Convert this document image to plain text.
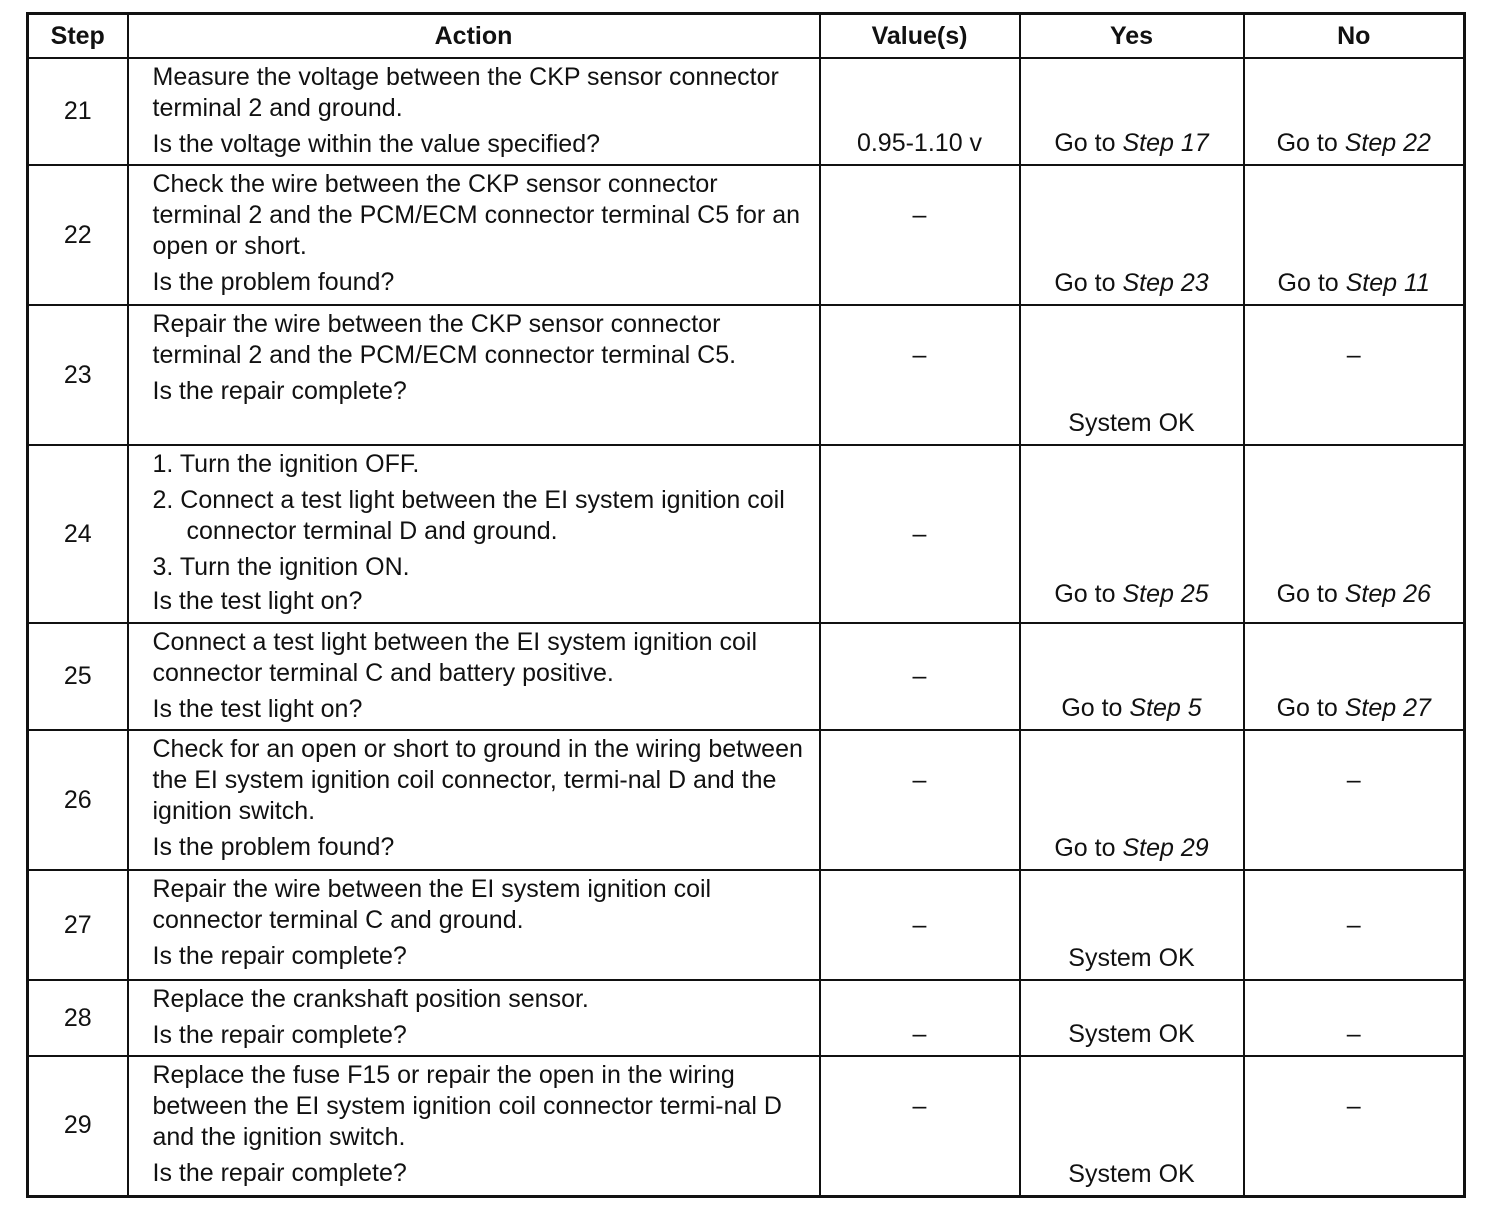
Step	Action	Value(s)	Yes	No
21	Measure the voltage between the CKP sensor connector terminal 2 and ground.

Is the voltage within the value specified?	0.95-1.10 v	Go to Step 17	Go to Step 22
22	Check the wire between the CKP sensor connector terminal 2 and the PCM/ECM connector terminal C5 for an open or short.

Is the problem found?	–	Go to Step 23	Go to Step 11
23	Repair the wire between the CKP sensor connector terminal 2 and the PCM/ECM connector terminal C5.

Is the repair complete?	–	System OK	–
24	1. Turn the ignition OFF.

2. Connect a test light between the EI system ignition coil connector terminal D and ground.

3. Turn the ignition ON.

Is the test light on?	–	Go to Step 25	Go to Step 26
25	Connect a test light between the EI system ignition coil connector terminal C and battery positive.

Is the test light on?	–	Go to Step 5	Go to Step 27
26	Check for an open or short to ground in the wiring between the EI system ignition coil connector, termi-nal D and the ignition switch.

Is the problem found?	–	Go to Step 29	–
27	Repair the wire between the EI system ignition coil connector terminal C and ground.

Is the repair complete?	–	System OK	–
28	Replace the crankshaft position sensor.

Is the repair complete?	–	System OK	–
29	Replace the fuse F15 or repair the open in the wiring between the EI system ignition coil connector termi-nal D and the ignition switch.

Is the repair complete?	–	System OK	–
